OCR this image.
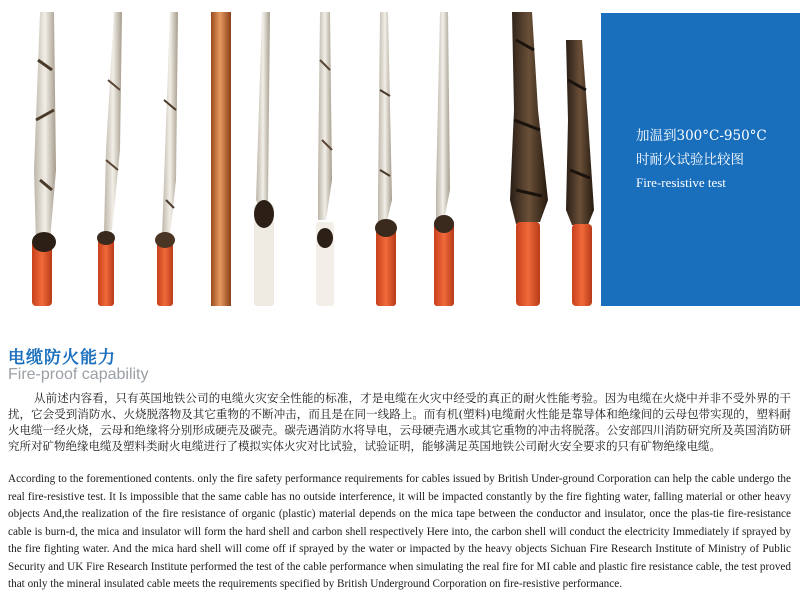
加温到300°C-950°C
时耐火试验比较图
Fire-resistive test
电缆防火能力
Fire-proof capability
从前述内容看，只有英国地铁公司的电缆火灾安全性能的标准，才是电缆在火灾中经受的真正的耐火性能考验。因为电缆在火烧中并非不受外界的干扰，它会受到消防水、火烧脱落物及其它重物的不断冲击，而且是在同一线路上。而有机(塑料)电缆耐火性能是靠导体和绝缘间的云母包带实现的，塑料耐火电缆一经火烧，云母和绝缘将分别形成硬壳及碳壳。碳壳遇消防水将导电，云母硬壳遇水或其它重物的冲击将脱落。公安部四川消防研究所及英国消防研究所对矿物绝缘电缆及塑料类耐火电缆进行了模拟实体火灾对比试验，试验证明，能够满足英国地铁公司耐火安全要求的只有矿物绝缘电缆。
According to the forementioned contents. only the fire safety performance requirements for cables issued by British Under-ground Corporation can help the cable undergo the real fire-resistive test. It Is impossible that the same cable has no outside interference, it will be impacted constantly by the fire fighting water, falling material or other heavy objects And,the realization of the fire resistance of organic (plastic) material depends on the mica tape between the conductor and insulator, once the plas-tie fire-resistance cable is burn-d, the mica and insulator will form the hard shell and carbon shell respectively Here into, the carbon shell will conduct the electricity Immediately if sprayed by the fire fighting water. And the mica hard shell will come off if sprayed by the water or impacted by the heavy objects Sichuan Fire Research Institute of Ministry of Public Security and UK Fire Research Institute performed the test of the cable performance when simulating the real fire for MI cable and plastic fire resistance cable, the test proved that only the mineral insulated cable meets the requirements specified by British Underground Corporation on fire-resistive performance.
